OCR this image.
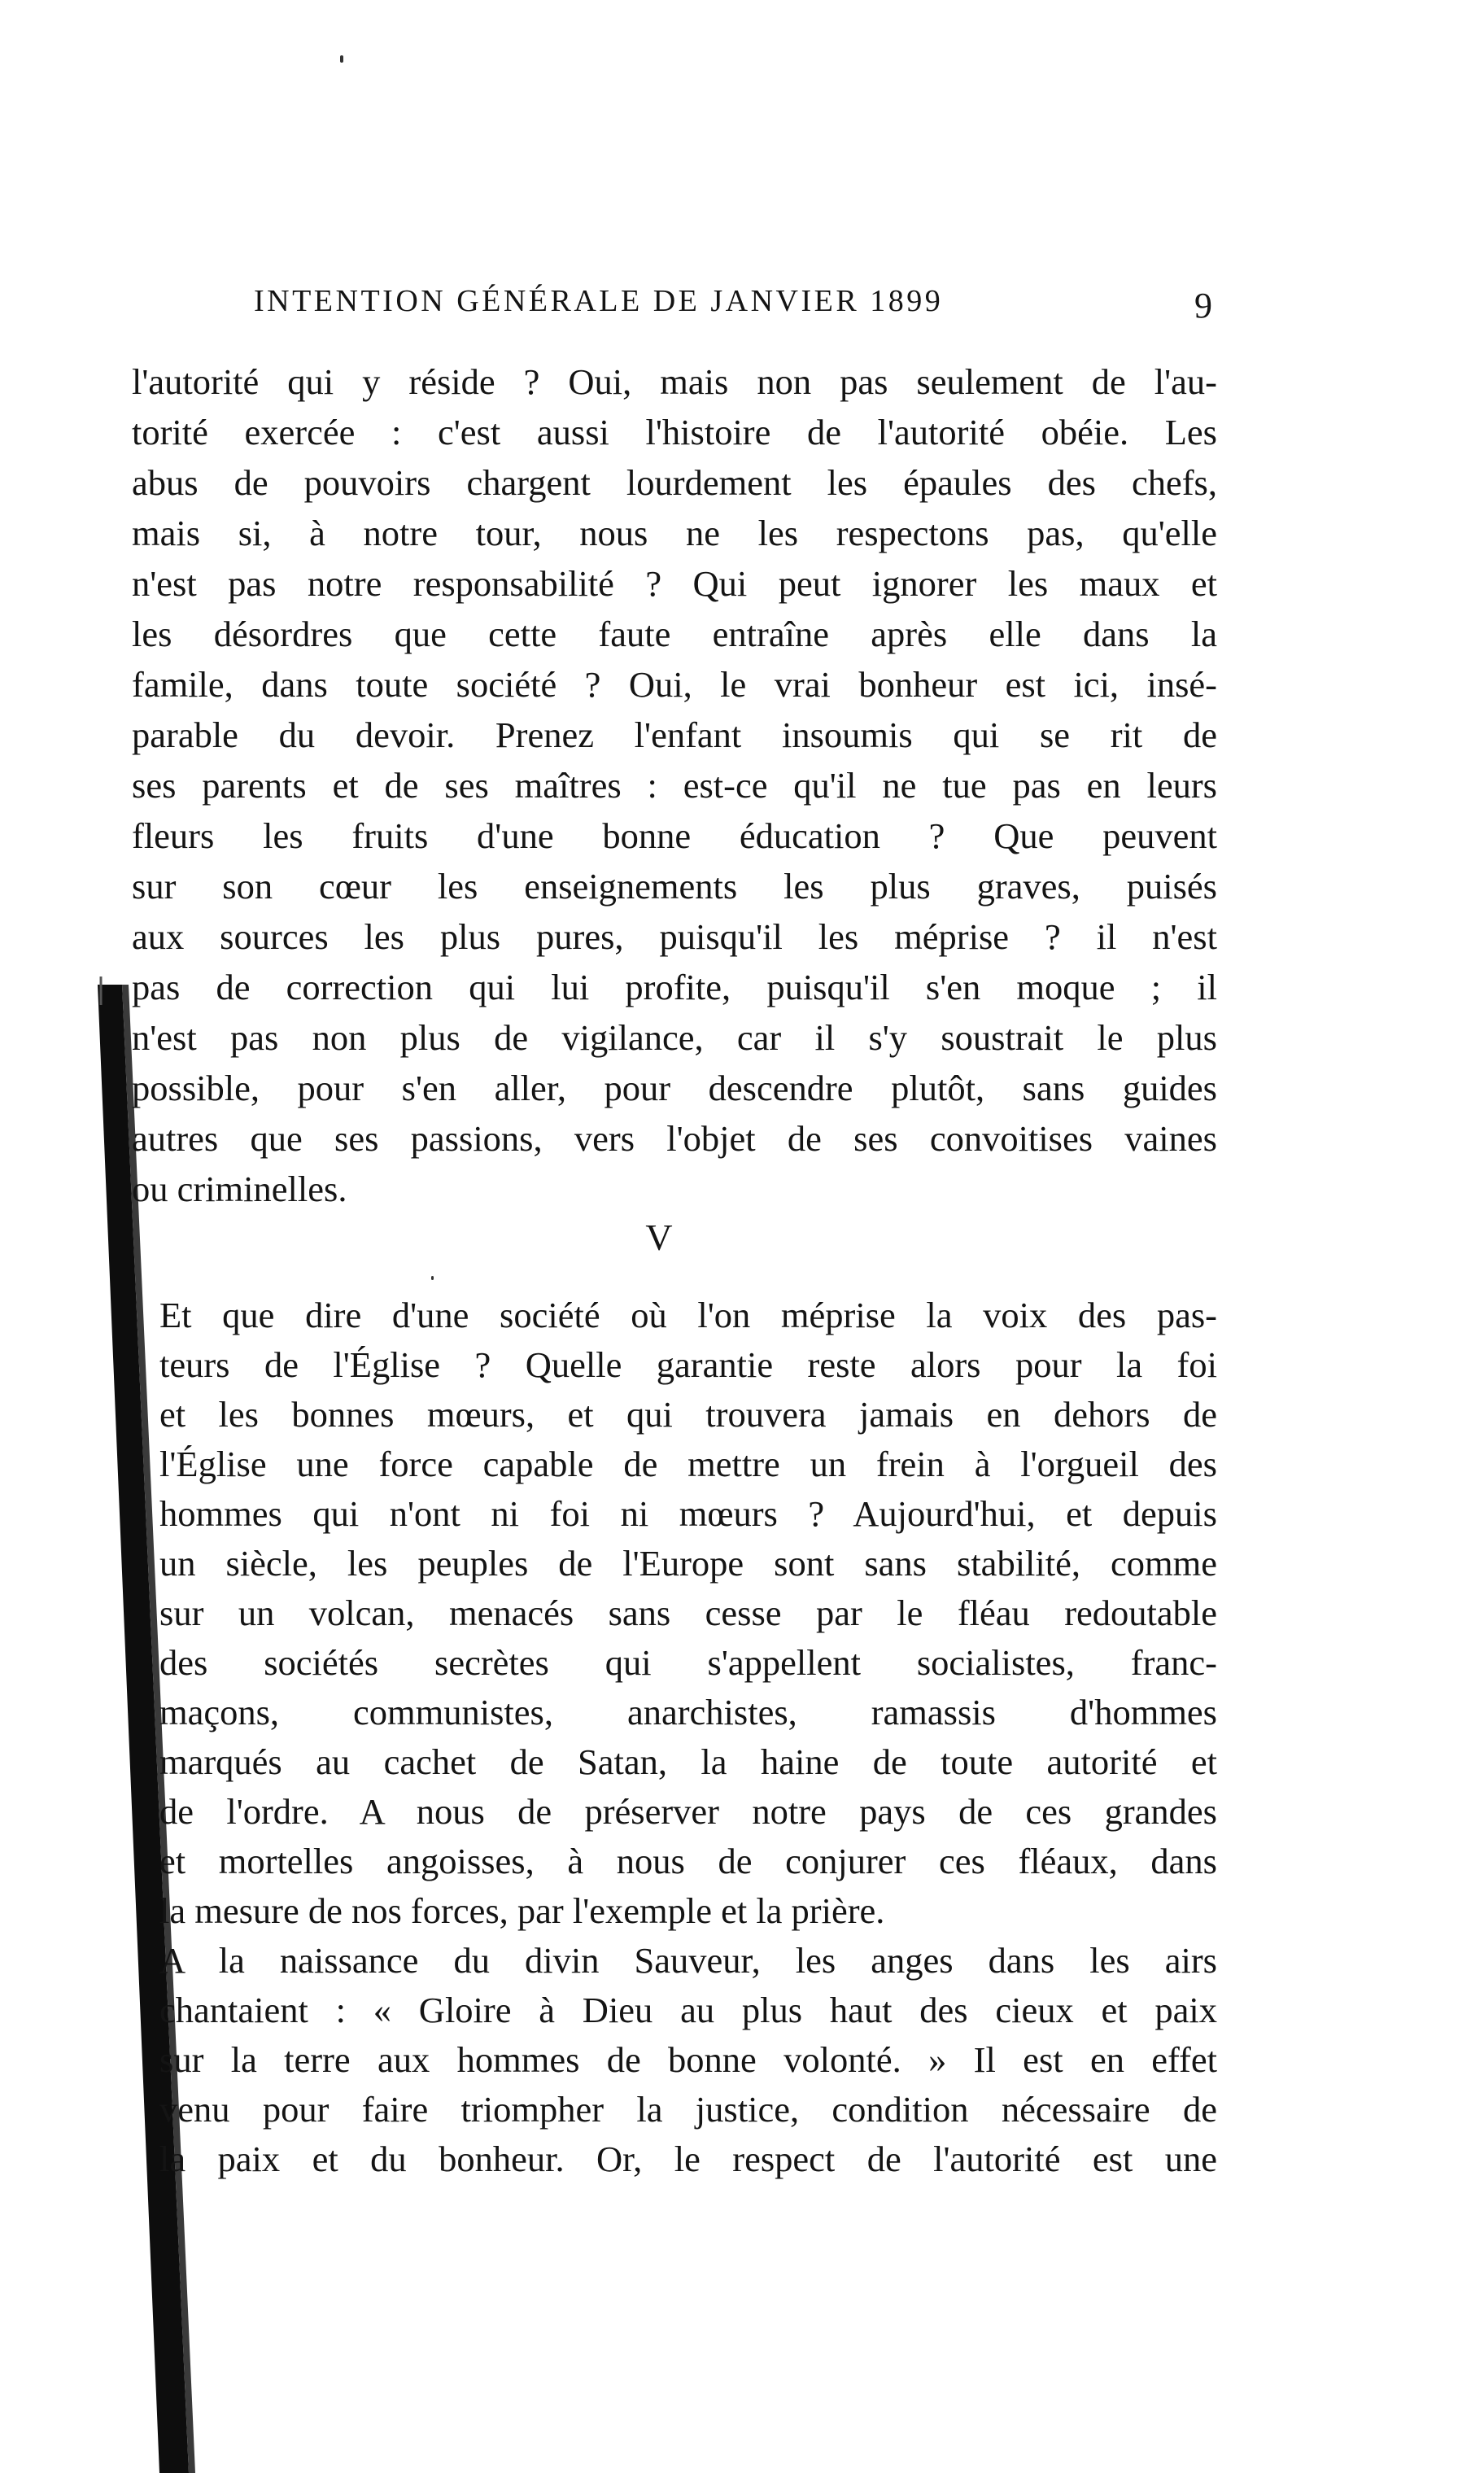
INTENTION GÉNÉRALE DE JANVIER 1899	9
l'autorité qui y réside ? Oui, mais non pas seulement de l'au-
torité exercée : c'est aussi l'histoire de l'autorité obéie. Les
abus de pouvoirs chargent lourdement les épaules des chefs,
mais si, à notre tour, nous ne les respectons pas, qu'elle
n'est pas notre responsabilité ? Qui peut ignorer les maux et
les désordres que cette faute entraîne après elle dans la
famile, dans toute société ? Oui, le vrai bonheur est ici, insé-
parable du devoir. Prenez l'enfant insoumis qui se rit de
ses parents et de ses maîtres : est-ce qu'il ne tue pas en leurs
fleurs les fruits d'une bonne éducation ? Que peuvent
sur son cœur les enseignements les plus graves, puisés
aux sources les plus pures, puisqu'il les méprise ? il n'est
pas de correction qui lui profite, puisqu'il s'en moque ; il
n'est pas non plus de vigilance, car il s'y soustrait le plus
possible, pour s'en aller, pour descendre plutôt, sans guides
autres que ses passions, vers l'objet de ses convoitises vaines
ou criminelles.
V
Et que dire d'une société où l'on méprise la voix des pas-
teurs de l'Église ? Quelle garantie reste alors pour la foi
et les bonnes mœurs, et qui trouvera jamais en dehors de
l'Église une force capable de mettre un frein à l'orgueil des
hommes qui n'ont ni foi ni mœurs ? Aujourd'hui, et depuis
un siècle, les peuples de l'Europe sont sans stabilité, comme
sur un volcan, menacés sans cesse par le fléau redoutable
des sociétés secrètes qui s'appellent socialistes, franc-
maçons, communistes, anarchistes, ramassis d'hommes
marqués au cachet de Satan, la haine de toute autorité et
de l'ordre. A nous de préserver notre pays de ces grandes
et mortelles angoisses, à nous de conjurer ces fléaux, dans
la mesure de nos forces, par l'exemple et la prière.
A la naissance du divin Sauveur, les anges dans les airs
chantaient : « Gloire à Dieu au plus haut des cieux et paix
sur la terre aux hommes de bonne volonté. » Il est en effet
venu pour faire triompher la justice, condition nécessaire de
la paix et du bonheur. Or, le respect de l'autorité est une
